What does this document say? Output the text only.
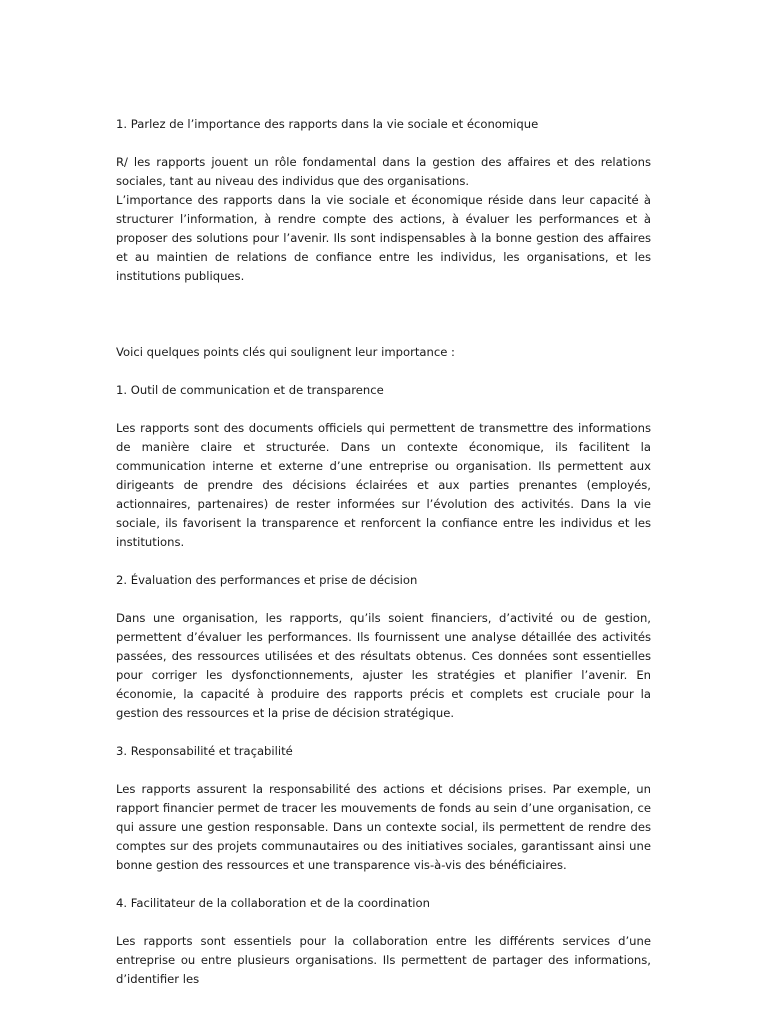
1. Parlez de l’importance des rapports dans la vie sociale et économique

R/ les rapports jouent un rôle fondamental dans la gestion des affaires et des relations sociales, tant au niveau des individus que des organisations.

L’importance des rapports dans la vie sociale et économique réside dans leur capacité à structurer l’information, à rendre compte des actions, à évaluer les performances et à proposer des solutions pour l’avenir. Ils sont indispensables à la bonne gestion des affaires et au maintien de relations de confiance entre les individus, les organisations, et les institutions publiques.

Voici quelques points clés qui soulignent leur importance :

1. Outil de communication et de transparence

Les rapports sont des documents officiels qui permettent de transmettre des informations de manière claire et structurée. Dans un contexte économique, ils facilitent la communication interne et externe d’une entreprise ou organisation. Ils permettent aux dirigeants de prendre des décisions éclairées et aux parties prenantes (employés, actionnaires, partenaires) de rester informées sur l’évolution des activités. Dans la vie sociale, ils favorisent la transparence et renforcent la confiance entre les individus et les institutions.

2. Évaluation des performances et prise de décision

Dans une organisation, les rapports, qu’ils soient financiers, d’activité ou de gestion, permettent d’évaluer les performances. Ils fournissent une analyse détaillée des activités passées, des ressources utilisées et des résultats obtenus. Ces données sont essentielles pour corriger les dysfonctionnements, ajuster les stratégies et planifier l’avenir. En économie, la capacité à produire des rapports précis et complets est cruciale pour la gestion des ressources et la prise de décision stratégique.

3. Responsabilité et traçabilité

Les rapports assurent la responsabilité des actions et décisions prises. Par exemple, un rapport financier permet de tracer les mouvements de fonds au sein d’une organisation, ce qui assure une gestion responsable. Dans un contexte social, ils permettent de rendre des comptes sur des projets communautaires ou des initiatives sociales, garantissant ainsi une bonne gestion des ressources et une transparence vis-à-vis des bénéficiaires.

4. Facilitateur de la collaboration et de la coordination

Les rapports sont essentiels pour la collaboration entre les différents services d’une entreprise ou entre plusieurs organisations. Ils permettent de partager des informations, d’identifier les
